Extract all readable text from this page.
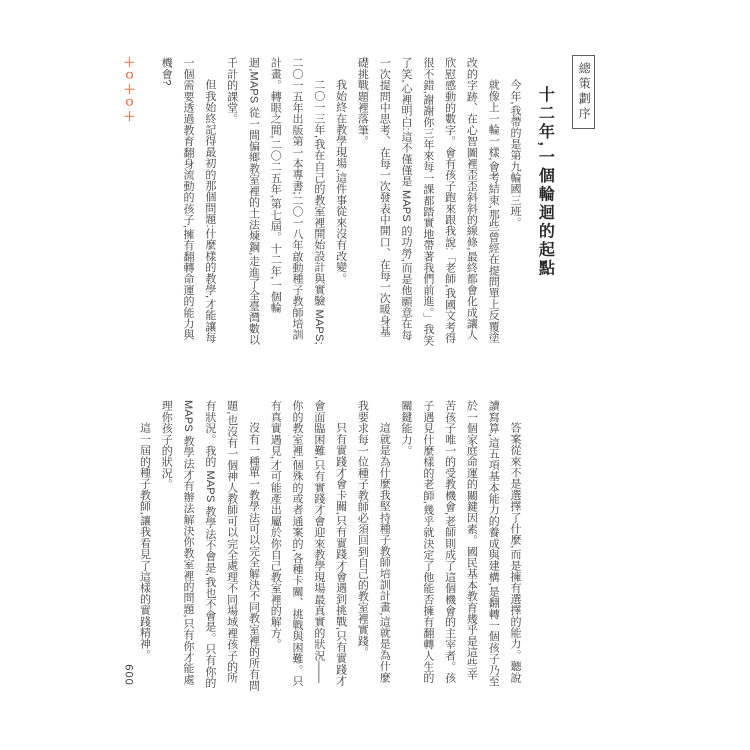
＋ｏ＋ｏ＋	總策劃序
十二年,一個輪迴的起點

今年,我帶的是第九輪國三班。

就像上一輪一樣,會考結束,那些曾經在提問單上反覆塗改的字跡、在心智圖裡歪歪斜斜的線條,最終都會化成讓人欣慰感動的數字。會有孩子跑來跟我說:「老師,我國文考得很不錯,謝謝你三年來每一課都踏實地帶著我們前進。」我笑了笑,心裡明白:這不僅僅是 MAPS 的功勞,而是他願意在每一次提問中思考、在每一次發表中開口、在每一次暖身基礎挑戰題裡落筆。

我始終在教學現場,這件事從來沒有改變。

二〇一三年,我在自己的教室裡開始設計與實驗 MAPS;二〇一五年出版第一本專書;二〇一八年啟動種子教師培訓計畫。轉眼之間,二〇二五年,第七屆。十二年,一個輪迴,MAPS 從一間偏鄉教室裡的土法煉鋼,走進了全臺灣數以千計的課堂。

但我始終記得最初的那個問題:什麼樣的教學,才能讓每一個需要透過教育翻身流動的孩子,擁有翻轉命運的能力與機會?

答案從來不是選擇了什麼,而是擁有選擇的能力。聽說讀寫算,這五項基本能力的養成與建構,是翻轉一個孩子乃至於一個家庭命運的關鍵因素。國民基本教育幾乎是這些辛苦孩子唯一的受教機會,老師則成了這個機會的主宰者。孩子遇見什麼樣的老師,幾乎就決定了他能否擁有翻轉人生的關鍵能力。

這就是為什麼我堅持種子教師培訓計畫,這就是為什麼我要求每一位種子教師必須回到自己的教室裡實踐。

只有實踐才會卡關,只有實踐才會遇到挑戰,只有實踐才會面臨困難,只有實踐才會迎來教學現場最真實的狀況——你的教室裡,個殊的或者通案的,各種卡關、挑戰與困難。只有真實遇見,才可能產出屬於你自己教室裡的解方。

沒有一種單一教學法可以完全解決不同教室裡的所有問題,也沒有一個神人教師可以完全處理不同場域裡孩子的所有狀況。我的 MAPS 教學法不會是,我也不會是。只有你的 MAPS 教學法才有辦法解決你教室裡的問題,只有你才能處理你孩子的狀況。

這一屆的種子教師,讓我看見了這樣的實踐精神。

009
